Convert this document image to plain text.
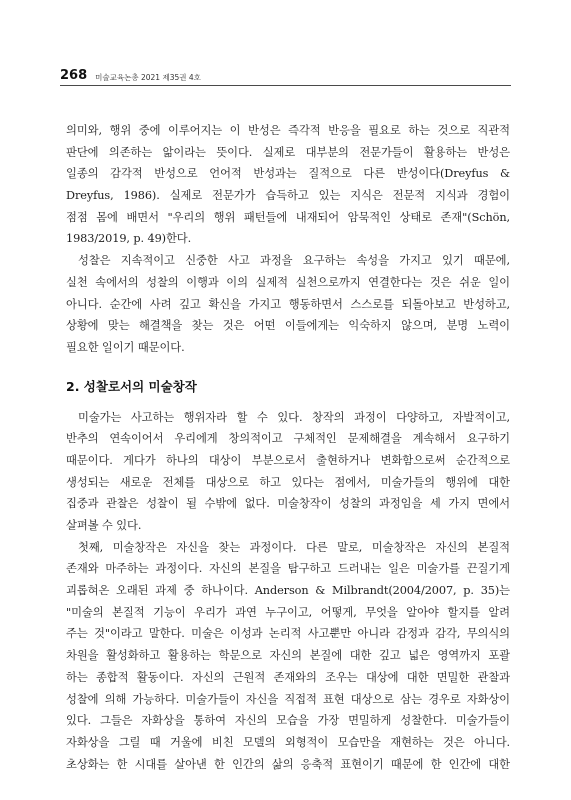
268 미술교육논총 2021 제35권 4호
의미와, 행위 중에 이루어지는 이 반성은 즉각적 반응을 필요로 하는 것으로 직관적
판단에 의존하는 앎이라는 뜻이다. 실제로 대부분의 전문가들이 활용하는 반성은
일종의 감각적 반성으로 언어적 반성과는 질적으로 다른 반성이다(Dreyfus &
Dreyfus, 1986). 실제로 전문가가 습득하고 있는 지식은 전문적 지식과 경험이
점점 몸에 배면서 "우리의 행위 패턴들에 내재되어 암묵적인 상태로 존재"(Schön,
1983/2019, p. 49)한다.
성찰은 지속적이고 신중한 사고 과정을 요구하는 속성을 가지고 있기 때문에,
실천 속에서의 성찰의 이행과 이의 실제적 실천으로까지 연결한다는 것은 쉬운 일이
아니다. 순간에 사려 깊고 확신을 가지고 행동하면서 스스로를 되돌아보고 반성하고,
상황에 맞는 해결책을 찾는 것은 어떤 이들에게는 익숙하지 않으며, 분명 노력이
필요한 일이기 때문이다.
2. 성찰로서의 미술창작
미술가는 사고하는 행위자라 할 수 있다. 창작의 과정이 다양하고, 자발적이고,
반추의 연속이어서 우리에게 창의적이고 구체적인 문제해결을 계속해서 요구하기
때문이다. 게다가 하나의 대상이 부분으로서 출현하거나 변화함으로써 순간적으로
생성되는 새로운 전체를 대상으로 하고 있다는 점에서, 미술가들의 행위에 대한
집중과 관찰은 성찰이 될 수밖에 없다. 미술창작이 성찰의 과정임을 세 가지 면에서
살펴볼 수 있다.
첫째, 미술창작은 자신을 찾는 과정이다. 다른 말로, 미술창작은 자신의 본질적
존재와 마주하는 과정이다. 자신의 본질을 탐구하고 드러내는 일은 미술가를 끈질기게
괴롭혀온 오래된 과제 중 하나이다. Anderson & Milbrandt(2004/2007, p. 35)는
"미술의 본질적 기능이 우리가 과연 누구이고, 어떻게, 무엇을 알아야 할지를 알려
주는 것"이라고 말한다. 미술은 이성과 논리적 사고뿐만 아니라 감정과 감각, 무의식의
차원을 활성화하고 활용하는 학문으로 자신의 본질에 대한 깊고 넓은 영역까지 포괄
하는 종합적 활동이다. 자신의 근원적 존재와의 조우는 대상에 대한 면밀한 관찰과
성찰에 의해 가능하다. 미술가들이 자신을 직접적 표현 대상으로 삼는 경우로 자화상이
있다. 그들은 자화상을 통하여 자신의 모습을 가장 면밀하게 성찰한다. 미술가들이
자화상을 그릴 때 거울에 비친 모델의 외형적이 모습만을 재현하는 것은 아니다.
초상화는 한 시대를 살아낸 한 인간의 삶의 응축적 표현이기 때문에 한 인간에 대한
